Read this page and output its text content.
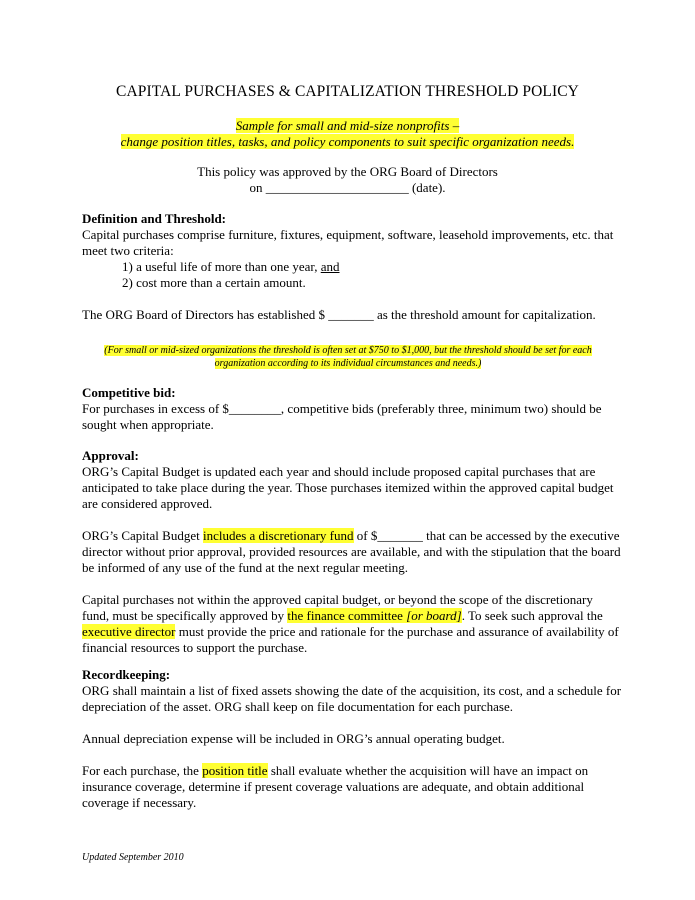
CAPITAL PURCHASES & CAPITALIZATION THRESHOLD POLICY
Sample for small and mid-size nonprofits –
change position titles, tasks, and policy components to suit specific organization needs.
This policy was approved by the ORG Board of Directors
on ______________________ (date).
Definition and Threshold:

Capital purchases comprise furniture, fixtures, equipment, software, leasehold improvements, etc. that meet two criteria:

1) a useful life of more than one year, and
2) cost more than a certain amount.

The ORG Board of Directors has established $ _______ as the threshold amount for capitalization.

(For small or mid-sized organizations the threshold is often set at $750 to $1,000, but the threshold should be set for each organization according to its individual circumstances and needs.)
Competitive bid:

For purchases in excess of $________, competitive bids (preferably three, minimum two) should be sought when appropriate.

Approval:

ORG’s Capital Budget is updated each year and should include proposed capital purchases that are anticipated to take place during the year. Those purchases itemized within the approved capital budget are considered approved.

ORG’s Capital Budget includes a discretionary fund of $_______ that can be accessed by the executive director without prior approval, provided resources are available, and with the stipulation that the board be informed of any use of the fund at the next regular meeting.

Capital purchases not within the approved capital budget, or beyond the scope of the discretionary fund, must be specifically approved by the finance committee [or board]. To seek such approval the executive director must provide the price and rationale for the purchase and assurance of availability of financial resources to support the purchase.

Recordkeeping:

ORG shall maintain a list of fixed assets showing the date of the acquisition, its cost, and a schedule for depreciation of the asset. ORG shall keep on file documentation for each purchase.

Annual depreciation expense will be included in ORG’s annual operating budget.

For each purchase, the position title shall evaluate whether the acquisition will have an impact on insurance coverage, determine if present coverage valuations are adequate, and obtain additional coverage if necessary.

Updated September 2010
